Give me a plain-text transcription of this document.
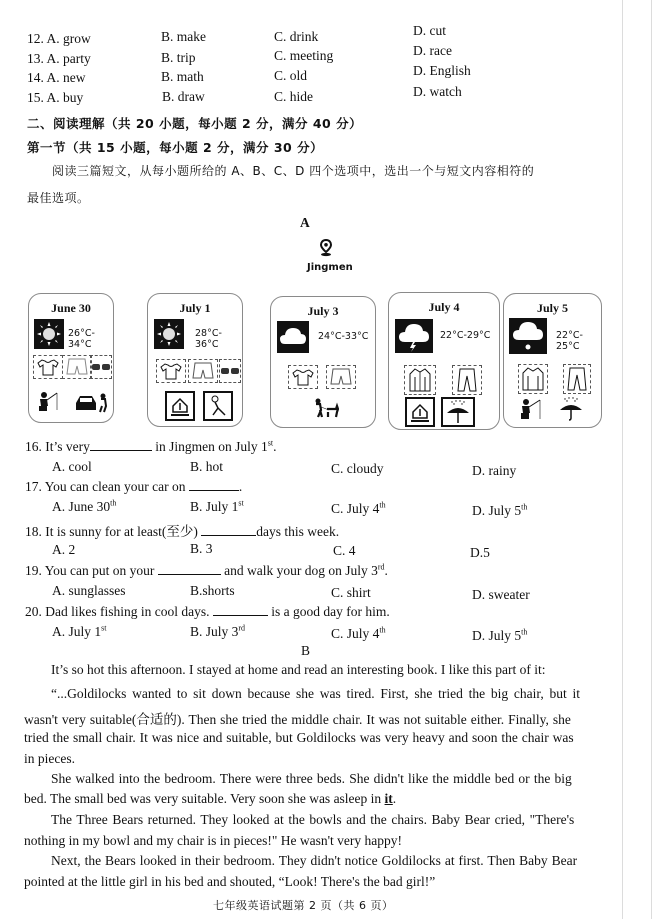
12. A. grow	B. make	C. drink	D. cut
13. A. party	B. trip	C. meeting	D. race
14. A. new	B. math	C. old	D. English
15. A. buy	B. draw	C. hide	D. watch
二、阅读理解（共 20 小题，每小题 2 分，满分 40 分）
第一节（共 15 小题，每小题 2 分，满分 30 分）
阅读三篇短文，从每小题所给的 A、B、C、D 四个选项中，选出一个与短文内容相符的
最佳选项。
A
Jingmen
June 30
26°C-34°C
July 1
28°C-36°C
July 3
24°C-33°C
July 4
22°C-29°C
July 5
22°C-25°C
16. It’s very	in Jingmen on July 1st.
A. cool	B. hot	C. cloudy	D. rainy
17. You can clean your car on	.
A. June 30th	B. July 1st	C. July 4th	D. July 5th
18. It is sunny for at least(至少)	days this week.
A. 2	B. 3	C. 4	D.5
19. You can put on your	and walk your dog on July 3rd.
A. sunglasses	B.shorts	C. shirt	D. sweater
20. Dad likes fishing in cool days.	is a good day for him.
A. July 1st	B. July 3rd	C. July 4th	D. July 5th
B
It’s so hot this afternoon. I stayed at home and read an interesting book. I like this part of it:
“...Goldilocks wanted to sit down because she was tired. First, she tried the big chair, but it
wasn't very suitable(合适的). Then she tried the middle chair. It was not suitable either. Finally, she
tried the small chair. It was nice and suitable, but Goldilocks was very heavy and soon the chair was
in pieces.
She walked into the bedroom. There were three beds. She didn't like the middle bed or the big
bed. The small bed was very suitable. Very soon she was asleep in it.
The Three Bears returned. They looked at the bowls and the chairs. Baby Bear cried, "There's
nothing in my bowl and my chair is in pieces!" He wasn't very happy!
Next, the Bears looked in their bedroom. They didn't notice Goldilocks at first. Then Baby Bear
pointed at the little girl in his bed and shouted, “Look! There's the bad girl!”
七年级英语试题第 2 页（共 6 页）
